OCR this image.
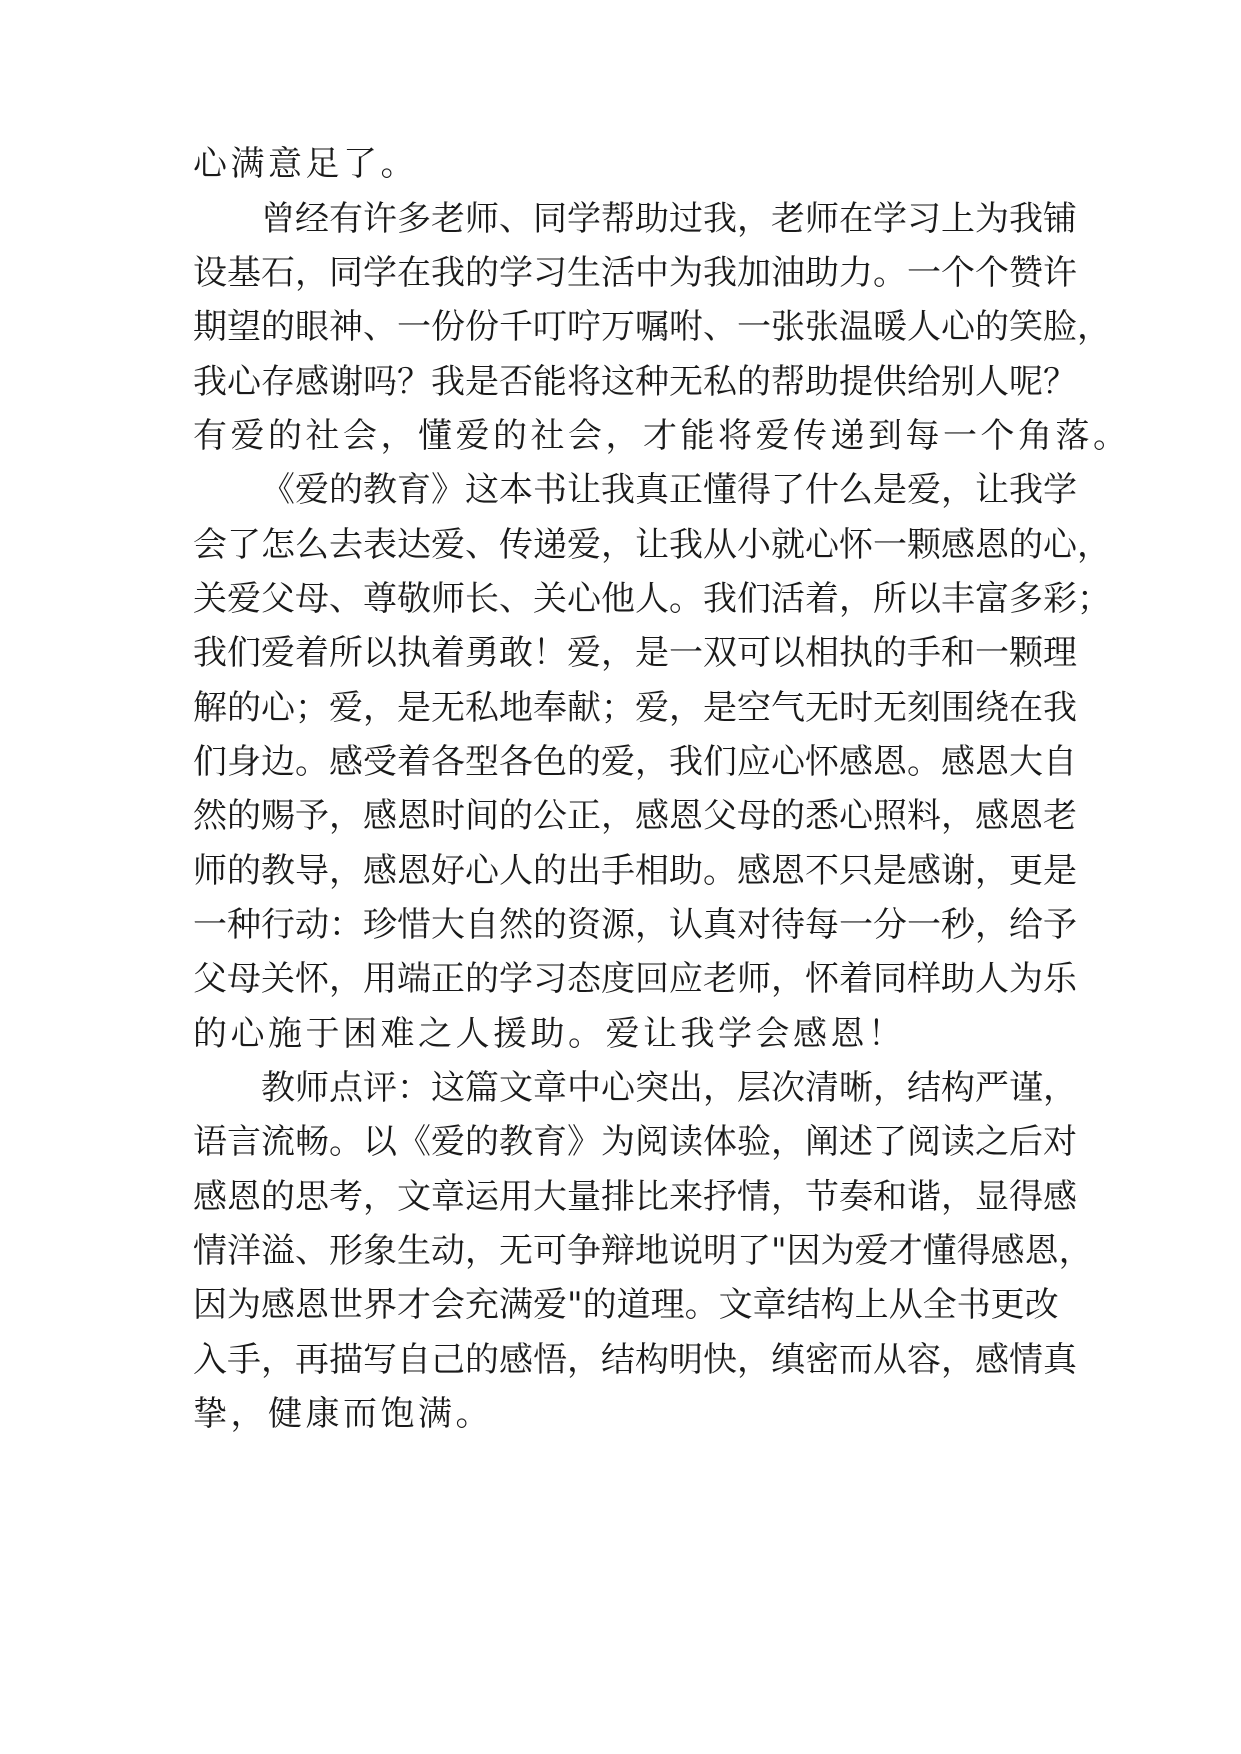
心满意足了。
曾经有许多老师、同学帮助过我，老师在学习上为我铺
设基石，同学在我的学习生活中为我加油助力。一个个赞许
期望的眼神、一份份千叮咛万嘱咐、一张张温暖人心的笑脸，
我心存感谢吗？我是否能将这种无私的帮助提供给别人呢？
有爱的社会，懂爱的社会，才能将爱传递到每一个角落。
《爱的教育》这本书让我真正懂得了什么是爱，让我学
会了怎么去表达爱、传递爱，让我从小就心怀一颗感恩的心，
关爱父母、尊敬师长、关心他人。我们活着，所以丰富多彩；
我们爱着所以执着勇敢！爱，是一双可以相执的手和一颗理
解的心；爱，是无私地奉献；爱，是空气无时无刻围绕在我
们身边。感受着各型各色的爱，我们应心怀感恩。感恩大自
然的赐予，感恩时间的公正，感恩父母的悉心照料，感恩老
师的教导，感恩好心人的出手相助。感恩不只是感谢，更是
一种行动：珍惜大自然的资源，认真对待每一分一秒，给予
父母关怀，用端正的学习态度回应老师，怀着同样助人为乐
的心施于困难之人援助。爱让我学会感恩！
教师点评：这篇文章中心突出，层次清晰，结构严谨，
语言流畅。以《爱的教育》为阅读体验，阐述了阅读之后对
感恩的思考，文章运用大量排比来抒情，节奏和谐，显得感
情洋溢、形象生动，无可争辩地说明了"因为爱才懂得感恩，
因为感恩世界才会充满爱"的道理。文章结构上从全书更改
入手，再描写自己的感悟，结构明快，缜密而从容，感情真
挚，健康而饱满。
